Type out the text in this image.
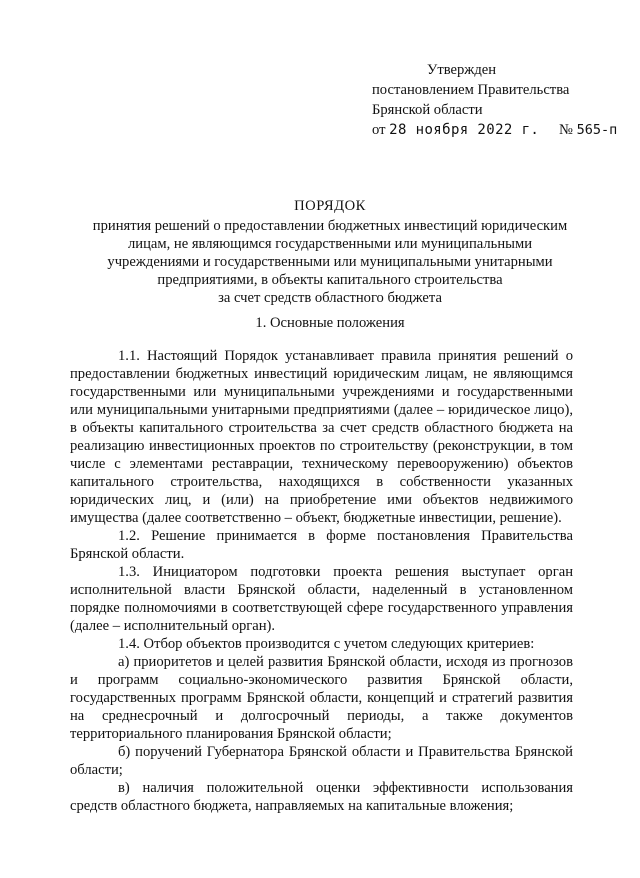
Утвержден
постановлением Правительства
Брянской области
от 28 ноября 2022 г.	№ 565-п
ПОРЯДОК
принятия решений о предоставлении бюджетных инвестиций юридическим
лицам, не являющимся государственными или муниципальными
учреждениями и государственными или муниципальными унитарными
предприятиями, в объекты капитального строительства
за счет средств областного бюджета
1. Основные положения

1.1. Настоящий Порядок устанавливает правила принятия решений о предоставлении бюджетных инвестиций юридическим лицам, не являющимся государственными или муниципальными учреждениями и государственными или муниципальными унитарными предприятиями (далее – юридическое лицо), в объекты капитального строительства за счет средств областного бюджета на реализацию инвестиционных проектов по строительству (реконструкции, в том числе с элементами реставрации, техническому перевооружению) объектов капитального строительства, находящихся в собственности указанных юридических лиц, и (или) на приобретение ими объектов недвижимого имущества (далее соответственно – объект, бюджетные инвестиции, решение).

1.2. Решение принимается в форме постановления Правительства Брянской области.

1.3. Инициатором подготовки проекта решения выступает орган исполнительной власти Брянской области, наделенный в установленном порядке полномочиями в соответствующей сфере государственного управления (далее – исполнительный орган).

1.4. Отбор объектов производится с учетом следующих критериев:

а) приоритетов и целей развития Брянской области, исходя из прогнозов и программ социально-экономического развития Брянской области, государственных программ Брянской области, концепций и стратегий развития на среднесрочный и долгосрочный периоды, а также документов территориального планирования Брянской области;

б) поручений Губернатора Брянской области и Правительства Брянской области;

в) наличия положительной оценки эффективности использования средств областного бюджета, направляемых на капитальные вложения;
